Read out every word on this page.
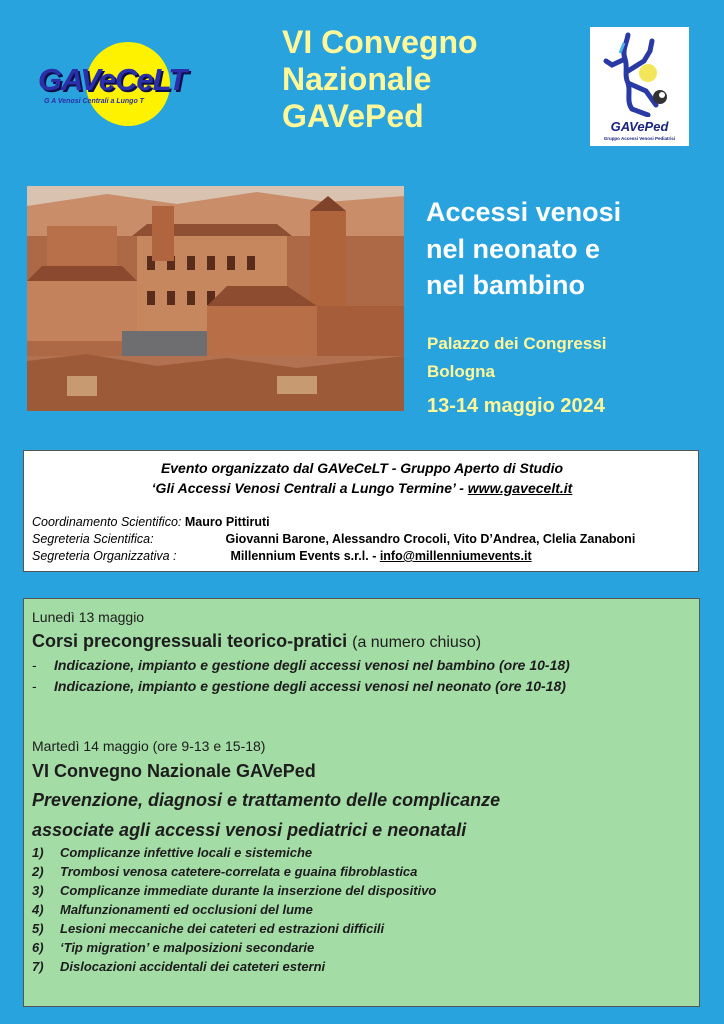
GAVeCeLT
G A Venosi Centrali a Lungo T
VI Convegno
Nazionale
GAVePed	GAVePed
Gruppo Accessi Venosi Pediatrici
Accessi venosi
nel neonato e
nel bambino
Palazzo dei Congressi
Bologna
13-14 maggio 2024
Evento organizzato dal GAVeCeLT - Gruppo Aperto di Studio
‘Gli Accessi Venosi Centrali a Lungo Termine’ - www.gavecelt.it
Coordinamento Scientifico: Mauro Pittiruti
Segreteria Scientifica:	Giovanni Barone, Alessandro Crocoli, Vito D’Andrea, Clelia Zanaboni
Segreteria Organizzativa :	Millennium Events s.r.l. - info@millenniumevents.it
Lunedì 13 maggio
Corsi precongressuali teorico-pratici (a numero chiuso)
- Indicazione, impianto e gestione degli accessi venosi nel bambino (ore 10-18)
- Indicazione, impianto e gestione degli accessi venosi nel neonato (ore 10-18)
Martedì 14 maggio (ore 9-13 e 15-18)
VI Convegno Nazionale GAVePed
Prevenzione, diagnosi e trattamento delle complicanze
associate agli accessi venosi pediatrici e neonatali
1) Complicanze infettive locali e sistemiche
2) Trombosi venosa catetere-correlata e guaina fibroblastica
3) Complicanze immediate durante la inserzione del dispositivo
4) Malfunzionamenti ed occlusioni del lume
5) Lesioni meccaniche dei cateteri ed estrazioni difficili
6) ‘Tip migration’ e malposizioni secondarie
7) Dislocazioni accidentali dei cateteri esterni
